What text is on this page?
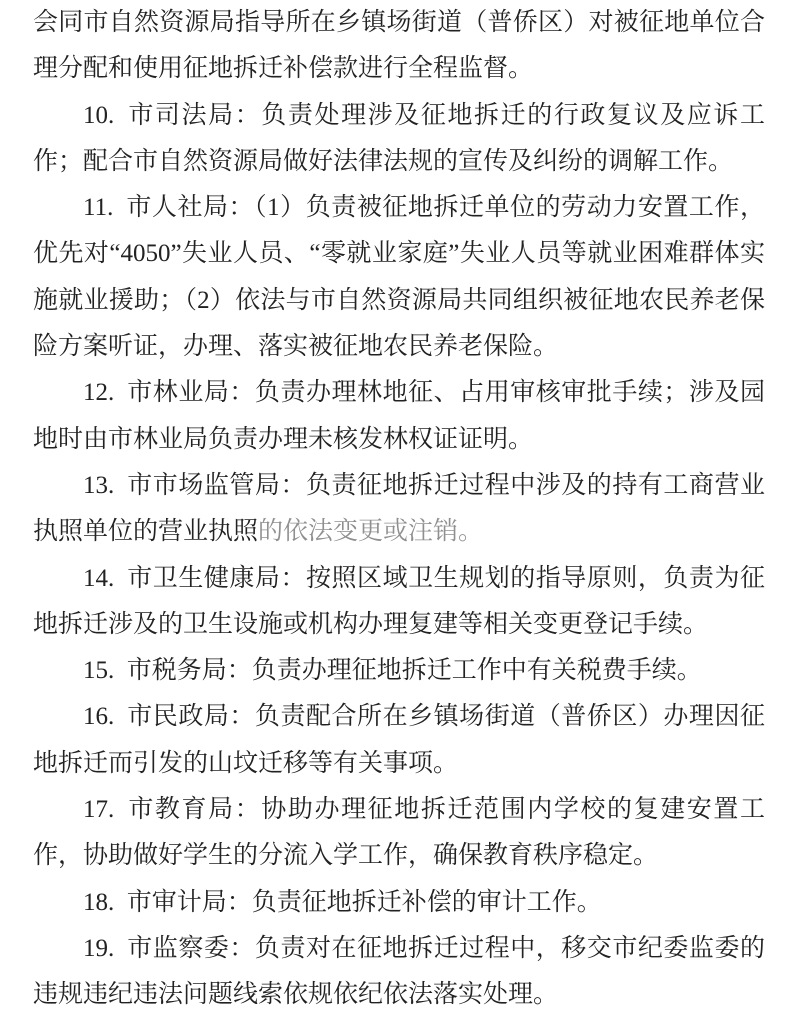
会同市自然资源局指导所在乡镇场街道（普侨区）对被征地单位合理分配和使用征地拆迁补偿款进行全程监督。

10. 市司法局：负责处理涉及征地拆迁的行政复议及应诉工作；配合市自然资源局做好法律法规的宣传及纠纷的调解工作。

11. 市人社局：（1）负责被征地拆迁单位的劳动力安置工作，优先对“4050”失业人员、“零就业家庭”失业人员等就业困难群体实施就业援助；（2）依法与市自然资源局共同组织被征地农民养老保险方案听证，办理、落实被征地农民养老保险。

12. 市林业局：负责办理林地征、占用审核审批手续；涉及园地时由市林业局负责办理未核发林权证证明。

13. 市市场监管局：负责征地拆迁过程中涉及的持有工商营业执照单位的营业执照的依法变更或注销。

14. 市卫生健康局：按照区域卫生规划的指导原则，负责为征地拆迁涉及的卫生设施或机构办理复建等相关变更登记手续。

15. 市税务局：负责办理征地拆迁工作中有关税费手续。

16. 市民政局：负责配合所在乡镇场街道（普侨区）办理因征地拆迁而引发的山坟迁移等有关事项。

17. 市教育局：协助办理征地拆迁范围内学校的复建安置工作，协助做好学生的分流入学工作，确保教育秩序稳定。

18. 市审计局：负责征地拆迁补偿的审计工作。

19. 市监察委：负责对在征地拆迁过程中，移交市纪委监委的违规违纪违法问题线索依规依纪依法落实处理。
